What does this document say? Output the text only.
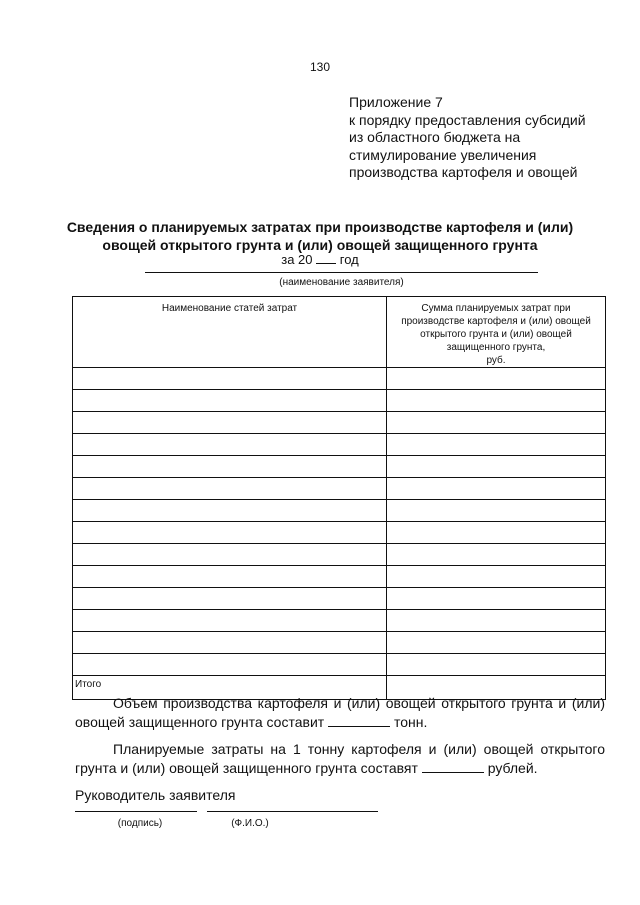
130
Приложение 7
к порядку предоставления субсидий
из областного бюджета на
стимулирование увеличения
производства картофеля и овощей
Сведения о планируемых затратах при производстве картофеля и (или)
овощей открытого грунта и (или) овощей защищенного грунта
за 20 год
(наименование заявителя)
Наименование статей затрат	Сумма планируемых затрат при
производстве картофеля и (или) овощей
открытого грунта и (или) овощей
защищенного грунта,
руб.

Итого	
Объем производства картофеля и (или) овощей открытого грунта и (или) овощей защищенного грунта составит	тонн.
Планируемые затраты на 1 тонну картофеля и (или) овощей открытого грунта и (или) овощей защищенного грунта составят	рублей.
Руководитель заявителя
(подпись)	(Ф.И.О.)
